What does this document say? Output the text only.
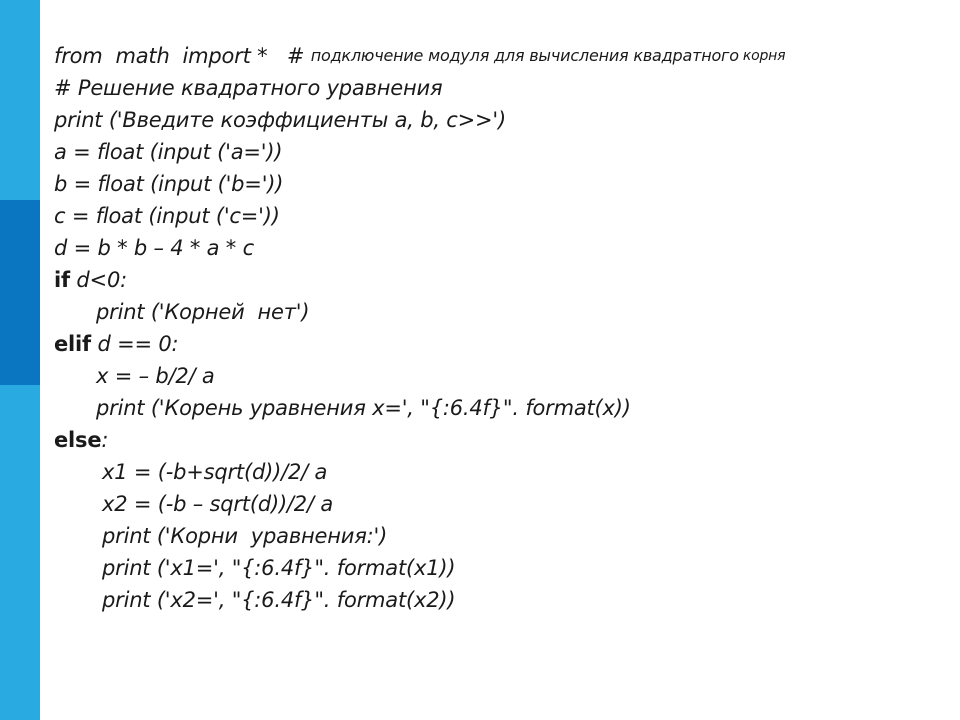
from  math  import *   # подключение модуля для вычисления квадратного корня
# Решение квадратного уравнения
print ('Введите коэффициенты a, b, c>>')
a = float (input ('a='))
b = float (input ('b='))
c = float (input ('c='))
d = b * b – 4 * a * c
if d<0:
print ('Корней  нет')
elif d == 0:
x = – b/2/ a
print ('Корень уравнения x=', "{:6.4f}". format(x))
else :
x1 = (-b+sqrt(d))/2/ a
x2 = (-b – sqrt(d))/2/ a
print ('Корни  уравнения:')
print ('x1=', "{:6.4f}". format(x1))
print ('x2=', "{:6.4f}". format(x2))
